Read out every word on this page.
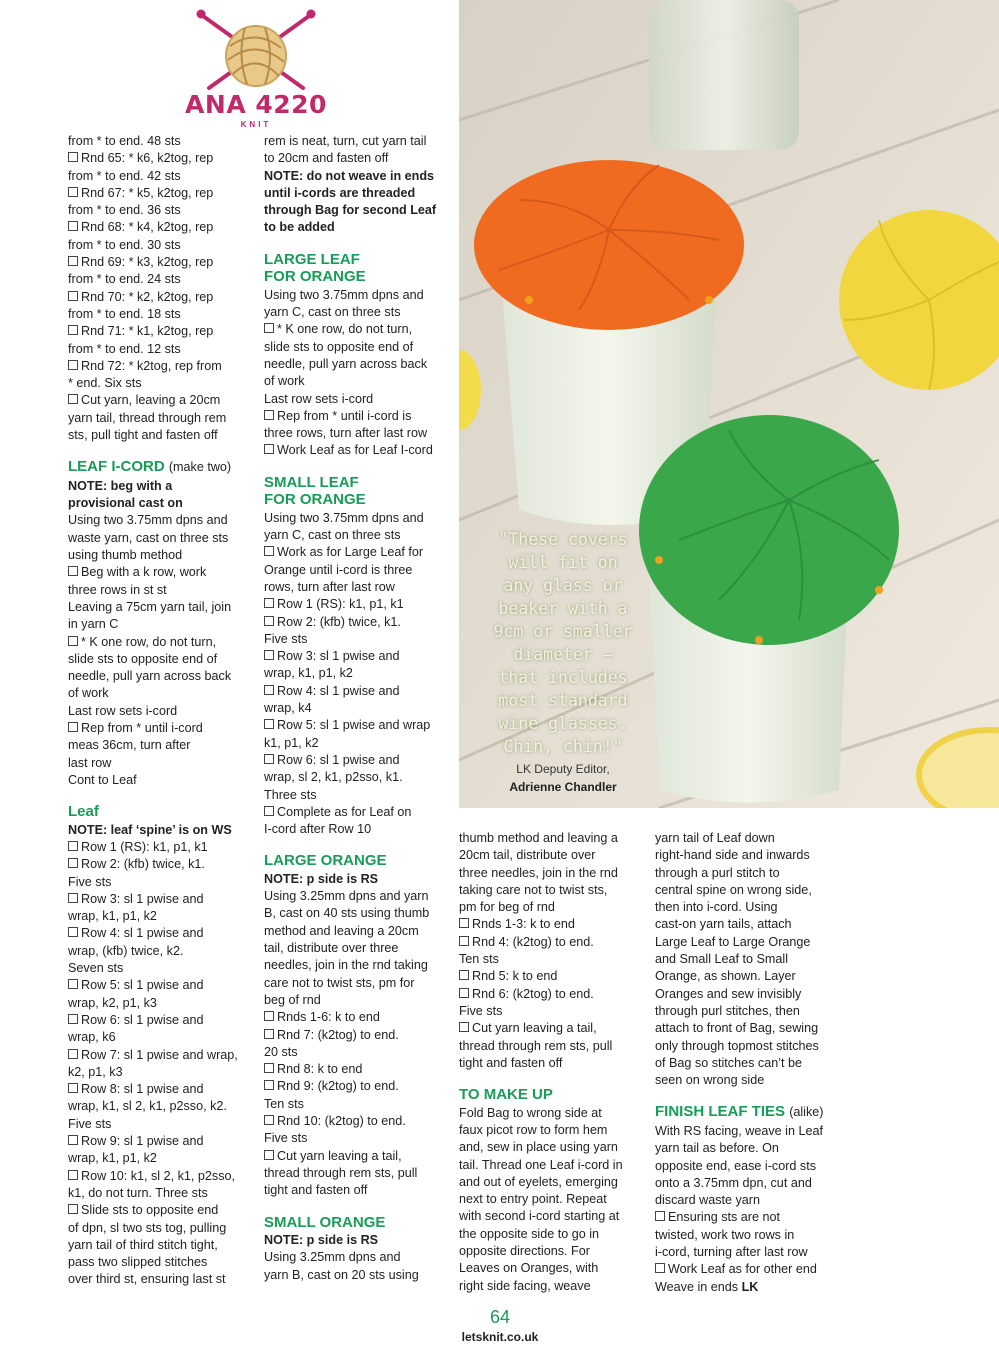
ANA 4220
KNIT

from * to end. 48 sts

Rnd 65: * k6, k2tog, rep

from * to end. 42 sts

Rnd 67: * k5, k2tog, rep

from * to end. 36 sts

Rnd 68: * k4, k2tog, rep

from * to end. 30 sts

Rnd 69: * k3, k2tog, rep

from * to end. 24 sts

Rnd 70: * k2, k2tog, rep

from * to end. 18 sts

Rnd 71: * k1, k2tog, rep

from * to end. 12 sts

Rnd 72: * k2tog, rep from

* end. Six sts

Cut yarn, leaving a 20cm

yarn tail, thread through rem

sts, pull tight and fasten off

LEAF I-CORD (make two)

NOTE: beg with a

provisional cast on

Using two 3.75mm dpns and

waste yarn, cast on three sts

using thumb method

Beg with a k row, work

three rows in st st

Leaving a 75cm yarn tail, join

in yarn C

* K one row, do not turn,

slide sts to opposite end of

needle, pull yarn across back

of work

Last row sets i-cord

Rep from * until i-cord

meas 36cm, turn after

last row

Cont to Leaf

Leaf

NOTE: leaf ‘spine’ is on WS

Row 1 (RS): k1, p1, k1

Row 2: (kfb) twice, k1.

Five sts

Row 3: sl 1 pwise and

wrap, k1, p1, k2

Row 4: sl 1 pwise and

wrap, (kfb) twice, k2.

Seven sts

Row 5: sl 1 pwise and

wrap, k2, p1, k3

Row 6: sl 1 pwise and

wrap, k6

Row 7: sl 1 pwise and wrap,

k2, p1, k3

Row 8: sl 1 pwise and

wrap, k1, sl 2, k1, p2sso, k2.

Five sts

Row 9: sl 1 pwise and

wrap, k1, p1, k2

Row 10: k1, sl 2, k1, p2sso,

k1, do not turn. Three sts

Slide sts to opposite end

of dpn, sl two sts tog, pulling

yarn tail of third stitch tight,

pass two slipped stitches

over third st, ensuring last st

rem is neat, turn, cut yarn tail

to 20cm and fasten off

NOTE: do not weave in ends

until i-cords are threaded

through Bag for second Leaf

to be added

LARGE LEAF
FOR ORANGE

Using two 3.75mm dpns and

yarn C, cast on three sts

* K one row, do not turn,

slide sts to opposite end of

needle, pull yarn across back

of work

Last row sets i-cord

Rep from * until i-cord is

three rows, turn after last row

Work Leaf as for Leaf I-cord

SMALL LEAF
FOR ORANGE

Using two 3.75mm dpns and

yarn C, cast on three sts

Work as for Large Leaf for

Orange until i-cord is three

rows, turn after last row

Row 1 (RS): k1, p1, k1

Row 2: (kfb) twice, k1.

Five sts

Row 3: sl 1 pwise and

wrap, k1, p1, k2

Row 4: sl 1 pwise and

wrap, k4

Row 5: sl 1 pwise and wrap

k1, p1, k2

Row 6: sl 1 pwise and

wrap, sl 2, k1, p2sso, k1.

Three sts

Complete as for Leaf on

I-cord after Row 10

LARGE ORANGE

NOTE: p side is RS

Using 3.25mm dpns and yarn

B, cast on 40 sts using thumb

method and leaving a 20cm

tail, distribute over three

needles, join in the rnd taking

care not to twist sts, pm for

beg of rnd

Rnds 1-6: k to end

Rnd 7: (k2tog) to end.

20 sts

Rnd 8: k to end

Rnd 9: (k2tog) to end.

Ten sts

Rnd 10: (k2tog) to end.

Five sts

Cut yarn leaving a tail,

thread through rem sts, pull

tight and fasten off

SMALL ORANGE

NOTE: p side is RS

Using 3.25mm dpns and

yarn B, cast on 20 sts using

"These covers
will fit on
any glass or
beaker with a
9cm or smaller
diameter –
that includes
most standard
wine glasses.
Chin, chin!"
LK Deputy Editor,
Adrienne Chandler

thumb method and leaving a

20cm tail, distribute over

three needles, join in the rnd

taking care not to twist sts,

pm for beg of rnd

Rnds 1-3: k to end

Rnd 4: (k2tog) to end.

Ten sts

Rnd 5: k to end

Rnd 6: (k2tog) to end.

Five sts

Cut yarn leaving a tail,

thread through rem sts, pull

tight and fasten off

TO MAKE UP

Fold Bag to wrong side at

faux picot row to form hem

and, sew in place using yarn

tail. Thread one Leaf i-cord in

and out of eyelets, emerging

next to entry point. Repeat

with second i-cord starting at

the opposite side to go in

opposite directions. For

Leaves on Oranges, with

right side facing, weave

yarn tail of Leaf down

right-hand side and inwards

through a purl stitch to

central spine on wrong side,

then into i-cord. Using

cast-on yarn tails, attach

Large Leaf to Large Orange

and Small Leaf to Small

Orange, as shown. Layer

Oranges and sew invisibly

through purl stitches, then

attach to front of Bag, sewing

only through topmost stitches

of Bag so stitches can’t be

seen on wrong side

FINISH LEAF TIES (alike)

With RS facing, weave in Leaf

yarn tail as before. On

opposite end, ease i-cord sts

onto a 3.75mm dpn, cut and

discard waste yarn

Ensuring sts are not

twisted, work two rows in

i-cord, turning after last row

Work Leaf as for other end

Weave in ends LK

64
letsknit.co.uk
